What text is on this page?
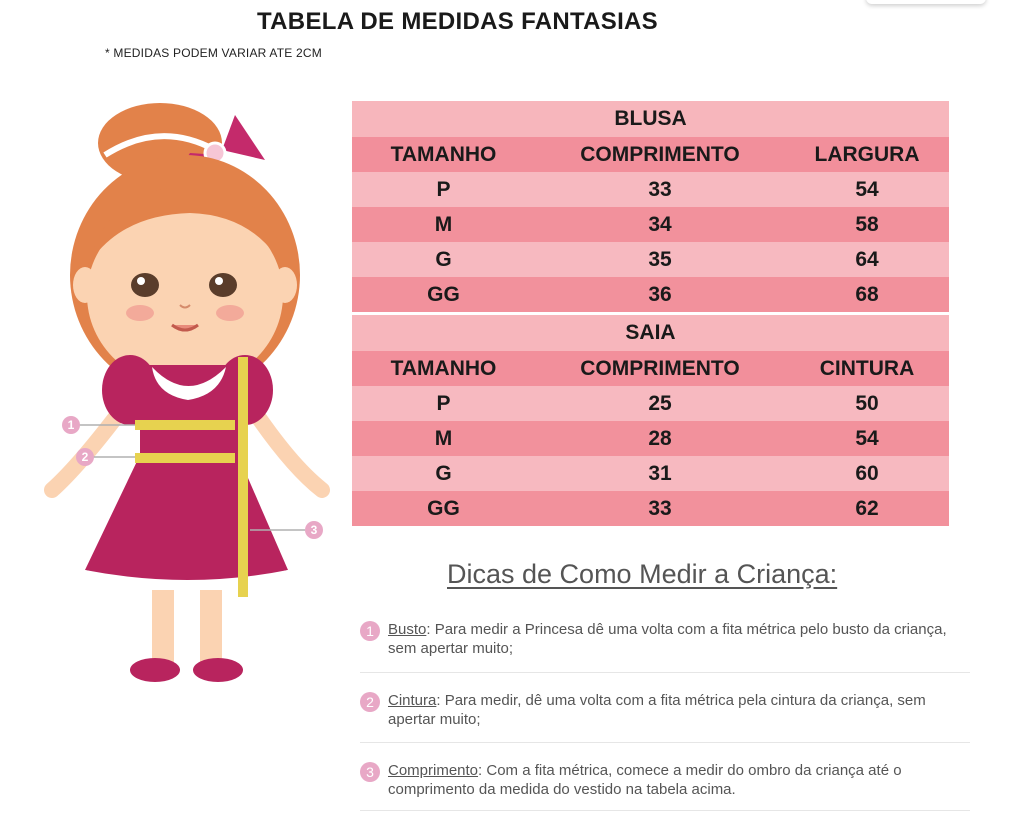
TABELA DE MEDIDAS FANTASIAS
* MEDIDAS PODEM VARIAR ATE 2CM
1
2
3
BLUSA
TAMANHO	COMPRIMENTO	LARGURA
P	33	54
M	34	58
G	35	64
GG	36	68
SAIA
TAMANHO	COMPRIMENTO	CINTURA
P	25	50
M	28	54
G	31	60
GG	33	62
Dicas de Como Medir a Criança:
1 Busto: Para medir a Princesa dê uma volta com a fita métrica pelo busto da criança, sem apertar muito;
2 Cintura: Para medir, dê uma volta com a fita métrica pela cintura da criança, sem apertar muito;
3 Comprimento: Com a fita métrica, comece a medir do ombro da criança até o comprimento da medida do vestido na tabela acima.
